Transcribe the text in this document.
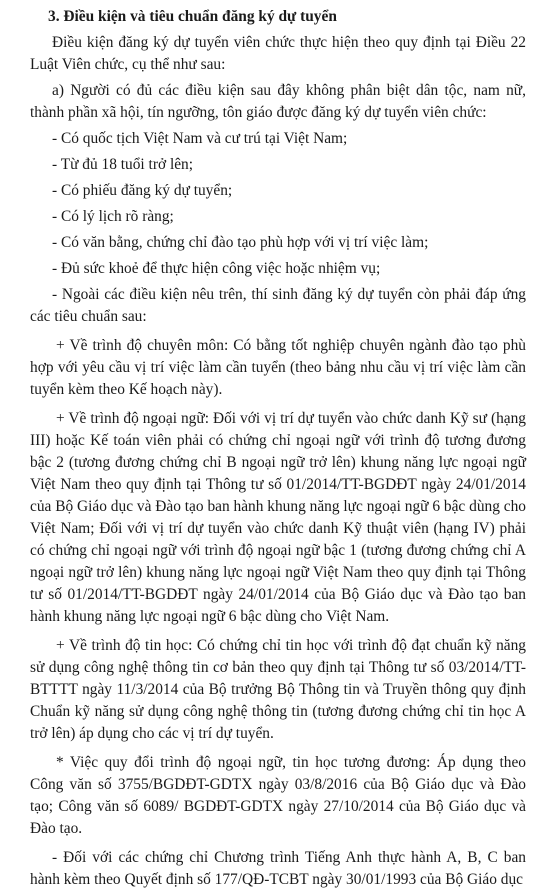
3. Điều kiện và tiêu chuẩn đăng ký dự tuyển

Điều kiện đăng ký dự tuyển viên chức thực hiện theo quy định tại Điều 22 Luật Viên chức, cụ thể như sau:

a) Người có đủ các điều kiện sau đây không phân biệt dân tộc, nam nữ, thành phần xã hội, tín ngưỡng, tôn giáo được đăng ký dự tuyển viên chức:

- Có quốc tịch Việt Nam và cư trú tại Việt Nam;

- Từ đủ 18 tuổi trở lên;

- Có phiếu đăng ký dự tuyển;

- Có lý lịch rõ ràng;

- Có văn bằng, chứng chỉ đào tạo phù hợp với vị trí việc làm;

- Đủ sức khoẻ để thực hiện công việc hoặc nhiệm vụ;

- Ngoài các điều kiện nêu trên, thí sinh đăng ký dự tuyển còn phải đáp ứng các tiêu chuẩn sau:

+ Về trình độ chuyên môn: Có bằng tốt nghiệp chuyên ngành đào tạo phù hợp với yêu cầu vị trí việc làm cần tuyển (theo bảng nhu cầu vị trí việc làm cần tuyển kèm theo Kế hoạch này).

+ Về trình độ ngoại ngữ: Đối với vị trí dự tuyển vào chức danh Kỹ sư (hạng III) hoặc Kế toán viên phải có chứng chỉ ngoại ngữ với trình độ tương đương bậc 2 (tương đương chứng chỉ B ngoại ngữ trở lên) khung năng lực ngoại ngữ Việt Nam theo quy định tại Thông tư số 01/2014/TT-BGDĐT ngày 24/01/2014 của Bộ Giáo dục và Đào tạo ban hành khung năng lực ngoại ngữ 6 bậc dùng cho Việt Nam; Đối với vị trí dự tuyển vào chức danh Kỹ thuật viên (hạng IV) phải có chứng chỉ ngoại ngữ với trình độ ngoại ngữ bậc 1 (tương đương chứng chỉ A ngoại ngữ trở lên) khung năng lực ngoại ngữ Việt Nam theo quy định tại Thông tư số 01/2014/TT-BGDĐT ngày 24/01/2014 của Bộ Giáo dục và Đào tạo ban hành khung năng lực ngoại ngữ 6 bậc dùng cho Việt Nam.

+ Về trình độ tin học: Có chứng chỉ tin học với trình độ đạt chuẩn kỹ năng sử dụng công nghệ thông tin cơ bản theo quy định tại Thông tư số 03/2014/TT-BTTTT ngày 11/3/2014 của Bộ trưởng Bộ Thông tin và Truyền thông quy định Chuẩn kỹ năng sử dụng công nghệ thông tin (tương đương chứng chỉ tin học A trở lên) áp dụng cho các vị trí dự tuyển.

* Việc quy đổi trình độ ngoại ngữ, tin học tương đương: Áp dụng theo Công văn số 3755/BGDĐT-GDTX ngày 03/8/2016 của Bộ Giáo dục và Đào tạo; Công văn số 6089/ BGDĐT-GDTX ngày 27/10/2014 của Bộ Giáo dục và Đào tạo.

- Đối với các chứng chỉ Chương trình Tiếng Anh thực hành A, B, C ban hành kèm theo Quyết định số 177/QĐ-TCBT ngày 30/01/1993 của Bộ Giáo dục
